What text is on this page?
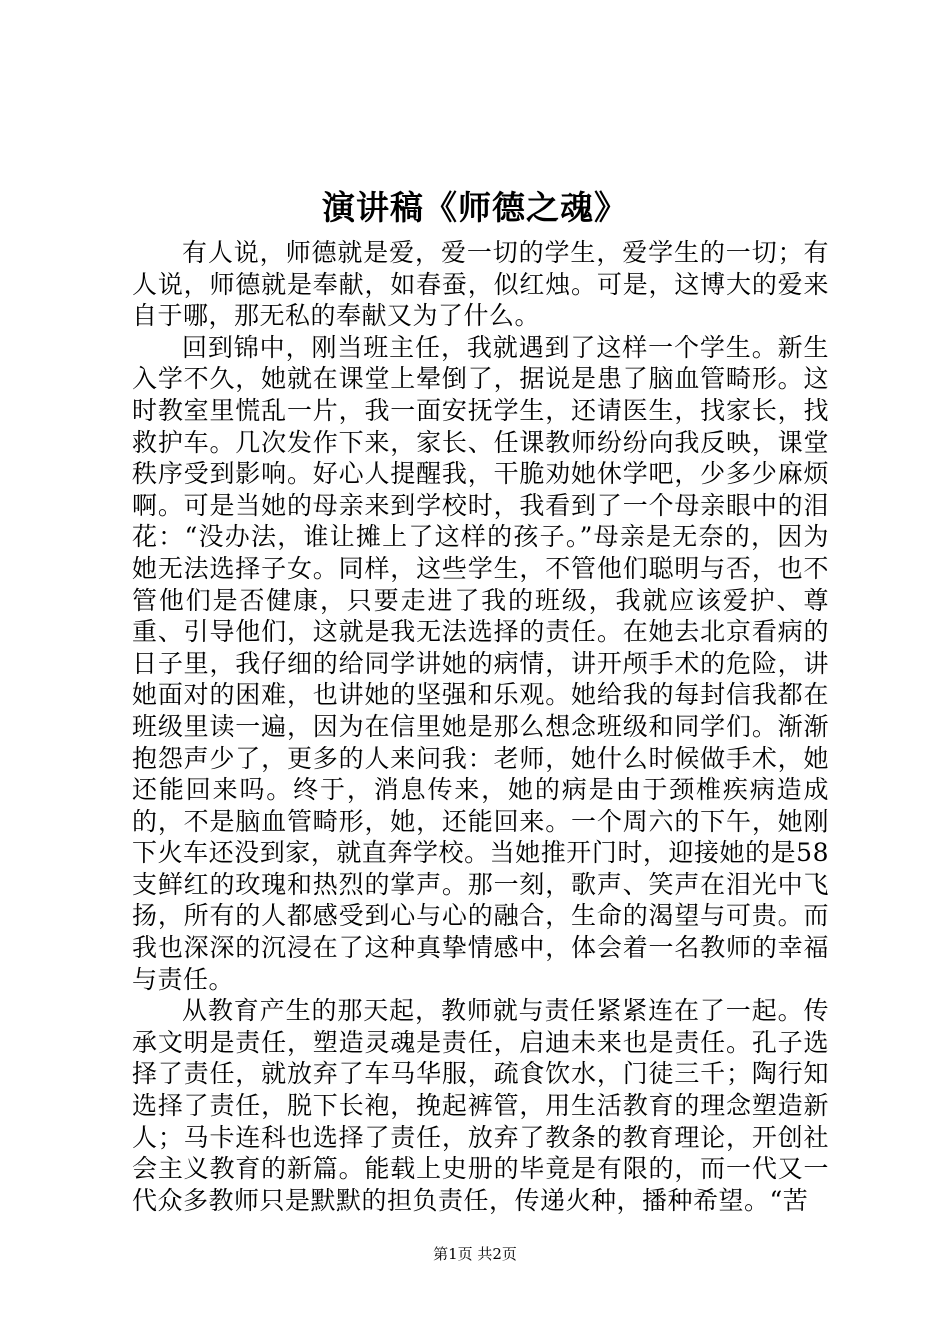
演讲稿《师德之魂》

有人说，师德就是爱，爱一切的学生，爱学生的一切；有人说，师德就是奉献，如春蚕，似红烛。可是，这博大的爱来自于哪，那无私的奉献又为了什么。

回到锦中，刚当班主任，我就遇到了这样一个学生。新生入学不久，她就在课堂上晕倒了，据说是患了脑血管畸形。这时教室里慌乱一片，我一面安抚学生，还请医生，找家长，找救护车。几次发作下来，家长、任课教师纷纷向我反映，课堂秩序受到影响。好心人提醒我，干脆劝她休学吧，少多少麻烦啊。可是当她的母亲来到学校时，我看到了一个母亲眼中的泪花：“没办法，谁让摊上了这样的孩子。”母亲是无奈的，因为她无法选择子女。同样，这些学生，不管他们聪明与否，也不管他们是否健康，只要走进了我的班级，我就应该爱护、尊重、引导他们，这就是我无法选择的责任。在她去北京看病的日子里，我仔细的给同学讲她的病情，讲开颅手术的危险，讲她面对的困难，也讲她的坚强和乐观。她给我的每封信我都在班级里读一遍，因为在信里她是那么想念班级和同学们。渐渐抱怨声少了，更多的人来问我：老师，她什么时候做手术，她还能回来吗。终于，消息传来，她的病是由于颈椎疾病造成的，不是脑血管畸形，她，还能回来。一个周六的下午，她刚下火车还没到家，就直奔学校。当她推开门时，迎接她的是58支鲜红的玫瑰和热烈的掌声。那一刻，歌声、笑声在泪光中飞扬，所有的人都感受到心与心的融合，生命的渴望与可贵。而我也深深的沉浸在了这种真挚情感中，体会着一名教师的幸福与责任。

从教育产生的那天起，教师就与责任紧紧连在了一起。传承文明是责任，塑造灵魂是责任，启迪未来也是责任。孔子选择了责任，就放弃了车马华服，疏食饮水，门徒三千；陶行知选择了责任，脱下长袍，挽起裤管，用生活教育的理念塑造新人；马卡连科也选择了责任，放弃了教条的教育理论，开创社会主义教育的新篇。能载上史册的毕竟是有限的，而一代又一代众多教师只是默默的担负责任，传递火种，播种希望。“苦

第1页 共2页
